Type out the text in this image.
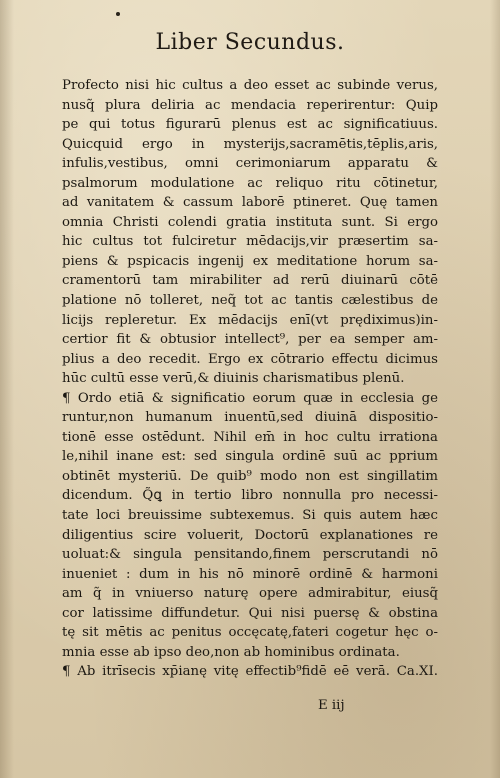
Liber Secundus.
Profecto nisi hic cultus a deo esset ac subinde verus,
nusq̃ plura deliria ac mendacia reperirentur: Quip
pe qui totus figurarū plenus est ac significatiuus.
Quicquid ergo in mysterijs,sacramētis,tēplis,aris,
infulis,vestibus, omni cerimoniarum apparatu &
psalmorum modulatione ac reliquo ritu cōtinetur,
ad vanitatem & cassum laborē ptineret. Quę tamen
omnia Christi colendi gratia instituta sunt. Si ergo
hic cultus tot fulciretur mēdacijs,vir præsertim sa-
piens & pspicacis ingenij ex meditatione horum sa-
cramentorū tam mirabiliter ad rerū diuinarū cōtē
platione nō tolleret, neq̃ tot ac tantis cælestibus de
licijs repleretur. Ex mēdacijs enī(vt prędiximus)in-
certior fit & obtusior intellect⁹, per ea semper am-
plius a deo recedit. Ergo ex cōtrario effectu dicimus
hūc cultū esse verū,& diuinis charismatibus plenū.
¶ Ordo etiā & significatio eorum quæ in ecclesia ge
runtur,non humanum inuentū,sed diuinā dispositio-
tionē esse ostēdunt. Nihil em̄ in hoc cultu irrationa
le,nihil inane est: sed singula ordinē suū ac pprium
obtinēt mysteriū. De quib⁹ modo non est singillatim
dicendum. Q̃ꝗ in tertio libro nonnulla pro necessi-
tate loci breuissime subtexemus. Si quis autem hæc
diligentius scire voluerit, Doctorū explanationes re
uoluat:& singula pensitando,finem perscrutandi nō
inueniet : dum in his nō minorē ordinē & harmoni
am q̃ in vniuerso naturę opere admirabitur, eiusq̃
cor latissime diffundetur. Qui nisi puersę & obstina
tę sit mētis ac penitus occęcatę,fateri cogetur hęc o-
mnia esse ab ipso deo,non ab hominibus ordinata.
¶ Ab itrīsecis xp̄ianę vitę effectib⁹fidē eē verā. Ca.XI.
E iij
